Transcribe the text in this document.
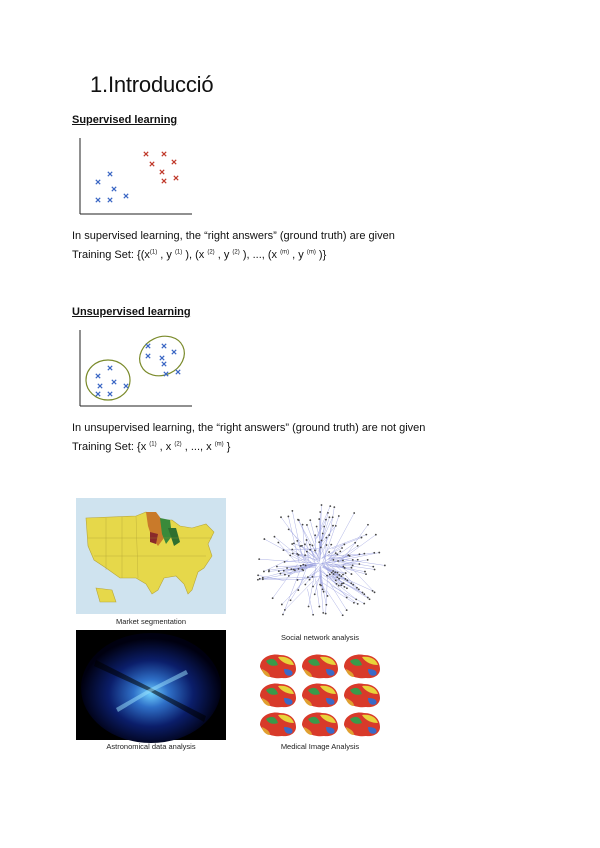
1.Introducció
Supervised learning
In supervised learning, the “right answers” (ground truth) are given
Training Set: {($x^{(1)}$ , y $^{(1)}$ ), (x $^{(2)}$ , y $^{(2)}$ ), ..., (x $^{(m)}$ , y $^{(m)}$ )}
Unsupervised learning
In unsupervised learning, the “right answers” (ground truth) are not given
Training Set: {x $^{(1)}$ , x $^{(2)}$ , ..., x $^{(m)}$ }
Market segmentation
Social network analysis
Astronomical data analysis	Medical Image Analysis
